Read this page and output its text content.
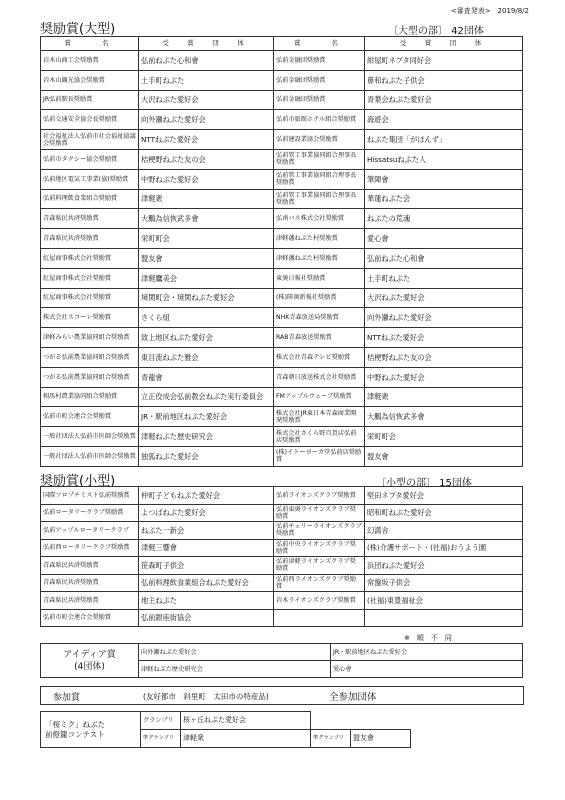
<審査発表>　2019/8/2
奨励賞(大型)	〔大型の部〕 42団体
賞　　名	受　賞　団　体	賞　　名	受　賞　団　体
岩木山商工会奨励賞	弘前ねぷた心和會	弘前金融団奨励賞	紺屋町ネプタ同好会
岩木山観光協会奨励賞	土手町ねぷた	弘前金融団奨励賞	鼻和ねぷた子供会
JR弘前駅長奨励賞	大沢ねぷた愛好会	弘前金融団奨励賞	青葉会ねぷた愛好会
弘前交通安全協会長奨励賞	向外瀬ねぷた愛好会	弘前市旅館ホテル組合奨励賞	海遊会
社会福祉法人弘前市社会福祉協議会奨励賞	NTTねぷた愛好会	弘前建設業協会奨励賞	ねぷた集団「がほんず」
弘前市タクシー協会奨励賞	桔梗野ねぷた友の会	弘前管工事業協同組合理事長奨励賞	Hissatsuねぷた人
弘前地区電気工事業(協)奨励賞	中野ねぷた愛好会	弘前管工事業協同組合理事長奨励賞	筆陣會
弘前料理飲食業組合奨励賞	津軽衆	弘前管工事業協同組合理事長奨励賞	華蓮ねぷた会
青森県民共済奨励賞	大鵬為信恢武多會	弘南バス株式会社奨励賞	ねぷたの荒魂
青森県民共済奨励賞	栄町町会	津軽藩ねぷた村奨励賞	愛心會
紅屋商事株式会社奨励賞	盟友會	津軽藩ねぷた村奨励賞	弘前ねぷた心和會
紅屋商事株式会社奨励賞	津軽鷹美会	東奥日報社奨励賞	土手町ねぷた
紅屋商事株式会社奨励賞	境関町会・境関ねぷた愛好会	(株)陸奥新報社奨励賞	大沢ねぷた愛好会
株式会社スコーレ奨励賞	さくら組	NHK青森放送局奨励賞	向外瀬ねぷた愛好会
津軽みらい農業協同組合奨励賞	致上地区ねぷた愛好会	RAB青森放送奨励賞	NTTねぷた愛好会
つがる弘前農業協同組合奨励賞	東目流ねぷた雅会	株式会社青森テレビ奨励賞	桔梗野ねぷた友の会
つがる弘前農業協同組合奨励賞	青龍會	青森朝日放送株式会社奨励賞	中野ねぷた愛好会
相馬村農業協同組合奨励賞	立正佼成会弘前教会ねぷた実行委員会	FMアップルウェーブ奨励賞	津軽衆
弘前市町会連合会奨励賞	JR・駅前地区ねぷた愛好会	株式会社JR東日本青森商業開発奨励賞	大鵬為信恢武多會
一般社団法人弘前市医師会奨励賞	津軽ねぷた歴史研究会	株式会社さくら野百貨店弘前店奨励賞	栄町町会
一般社団法人弘前市医師会奨励賞	独狐ねぷた愛好会	(株)イトーヨーカ堂弘前店奨励賞	盟友會
奨励賞(小型)	〔小型の部〕 15団体
国際ソロプチミスト弘前奨励賞	仲町子どもねぷた愛好会	弘前ライオンズクラブ奨励賞	堅田ネプタ愛好会
弘前ロータリークラブ奨励賞	よつばねぷた愛好会	弘前東奥ライオンズクラブ奨励賞	昭和町ねぷた愛好会
弘前アップルロータリークラブ	ねぷた一新会	弘前チェリーライオンズクラブ奨励賞	幻満舎
弘前西ロータリークラブ奨励賞	津軽三響會	弘前中央ライオンズクラブ奨励賞	(株)介護サポート・(社福)おうよう園
青森県民共済奨励賞	笹森町子供会	弘前津軽ライオンズクラブ奨励賞	浜団ねぷた愛好会
青森県民共済奨励賞	弘前料理飲食業組合ねぷた愛好会	弘前西ライオンズクラブ奨励賞	常盤坂子供会
青森県民共済奨励賞	地主ねぷた	岩木ライオンズクラブ奨励賞	(社福)東豊福祉会
弘前市町会連合会奨励賞	弘前銀座街協会		
※　順　不　同
アイディア賞
(4団体)	向外瀬ねぷた愛好会	JR・駅前地区ねぷた愛好会
	津軽ねぷた歴史研究会	愛心會
参加賞	(友好都市　斜里町　太田市の特産品)	全参加団体
「桜ミク」ねぶた
前燈籠コンテスト	グランプリ	桜ヶ丘ねぷた愛好会		
	準グランプリ	津軽衆	準グランプリ	盟友會
